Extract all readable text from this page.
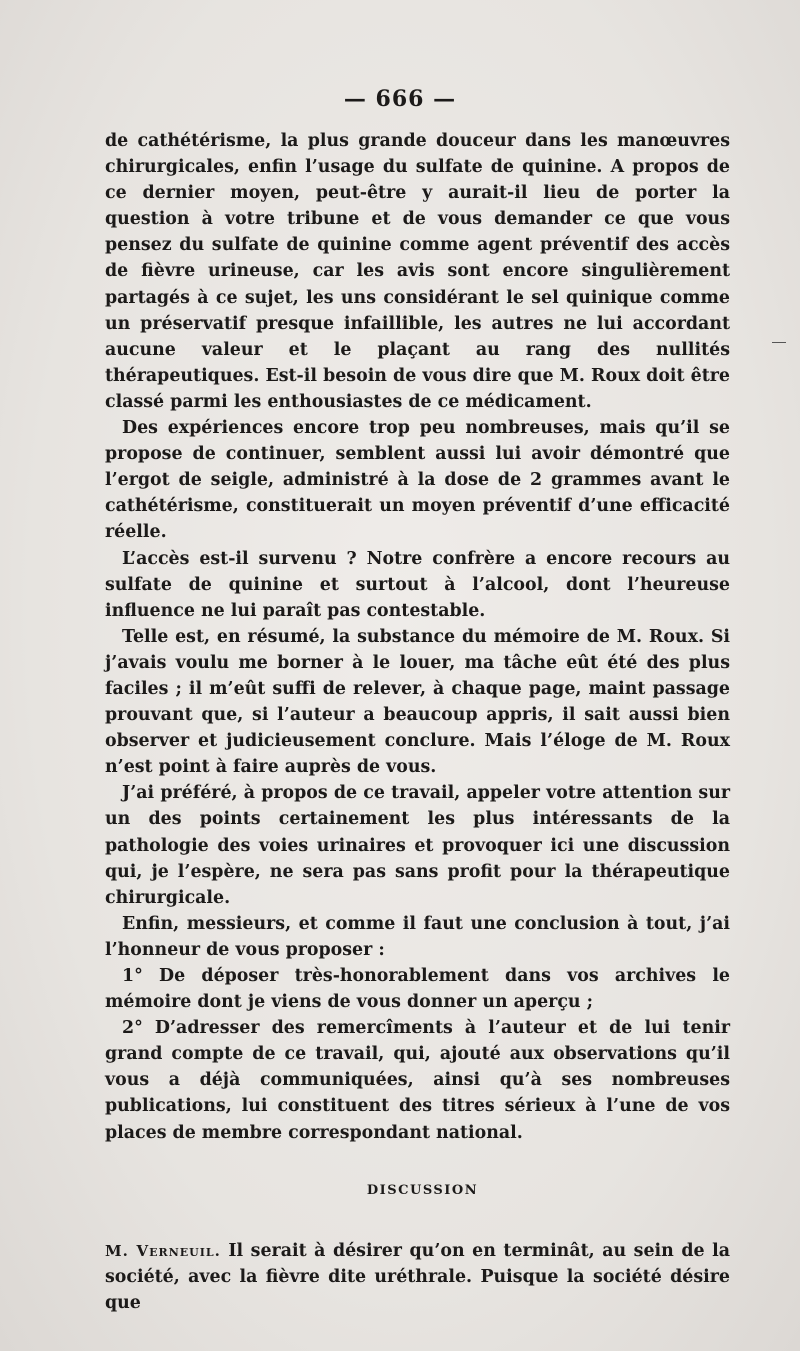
— 666 —

de cathétérisme, la plus grande douceur dans les manœuvres chirurgicales, enfin l’usage du sulfate de quinine. A propos de ce dernier moyen, peut-être y aurait-il lieu de porter la question à votre tribune et de vous demander ce que vous pensez du sulfate de quinine comme agent préventif des accès de fièvre urineuse, car les avis sont encore singulièrement partagés à ce sujet, les uns considérant le sel quinique comme un préservatif presque infaillible, les autres ne lui accordant aucune valeur et le plaçant au rang des nullités thérapeutiques. Est-il besoin de vous dire que M. Roux doit être classé parmi les enthousiastes de ce médicament.

Des expériences encore trop peu nombreuses, mais qu’il se propose de continuer, semblent aussi lui avoir démontré que l’ergot de seigle, administré à la dose de 2 grammes avant le cathétérisme, constituerait un moyen préventif d’une efficacité réelle.

L’accès est-il survenu ? Notre confrère a encore recours au sulfate de quinine et surtout à l’alcool, dont l’heureuse influence ne lui paraît pas contestable.

Telle est, en résumé, la substance du mémoire de M. Roux. Si j’avais voulu me borner à le louer, ma tâche eût été des plus faciles ; il m’eût suffi de relever, à chaque page, maint passage prouvant que, si l’auteur a beaucoup appris, il sait aussi bien observer et judicieusement conclure. Mais l’éloge de M. Roux n’est point à faire auprès de vous.

J’ai préféré, à propos de ce travail, appeler votre attention sur un des points certainement les plus intéressants de la pathologie des voies urinaires et provoquer ici une discussion qui, je l’espère, ne sera pas sans profit pour la thérapeutique chirurgicale.

Enfin, messieurs, et comme il faut une conclusion à tout, j’ai l’honneur de vous proposer :

1° De déposer très-honorablement dans vos archives le mémoire dont je viens de vous donner un aperçu ;

2° D’adresser des remercîments à l’auteur et de lui tenir grand compte de ce travail, qui, ajouté aux observations qu’il vous a déjà communiquées, ainsi qu’à ses nombreuses publications, lui constituent des titres sérieux à l’une de vos places de membre correspondant national.

DISCUSSION

M. Verneuil. Il serait à désirer qu’on en terminât, au sein de la société, avec la fièvre dite uréthrale. Puisque la société désire que
